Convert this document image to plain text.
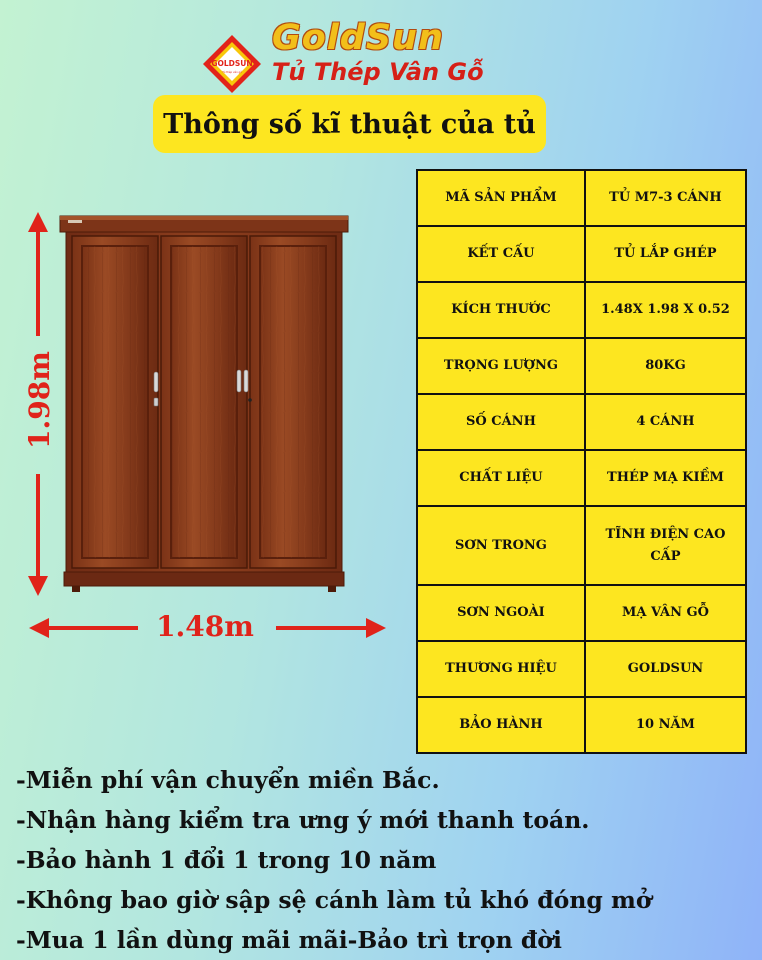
GOLDSUN
Tủ thép vân gỗ
GoldSun
Tủ Thép Vân Gỗ
Thông số kĩ thuật của tủ
1.98m
1.48m
MÃ SẢN PHẨM	TỦ M7-3 CÁNH
KẾT CẤU	TỦ LẮP GHÉP
KÍCH THƯỚC	1.48X 1.98 X 0.52
TRỌNG LƯỢNG	80KG
SỐ CÁNH	4 CÁNH
CHẤT LIỆU	THÉP MẠ KIỀM
SƠN TRONG	TĨNH ĐIỆN CAO CẤP
SƠN NGOÀI	MẠ VÂN GỖ
THƯƠNG HIỆU	GOLDSUN
BẢO HÀNH	10 NĂM
-Miễn phí vận chuyển miền Bắc.
-Nhận hàng kiểm tra ưng ý mới thanh toán.
-Bảo hành 1 đổi 1 trong 10 năm
-Không bao giờ sập sệ cánh làm tủ khó đóng mở
-Mua 1 lần dùng mãi mãi-Bảo trì trọn đời
